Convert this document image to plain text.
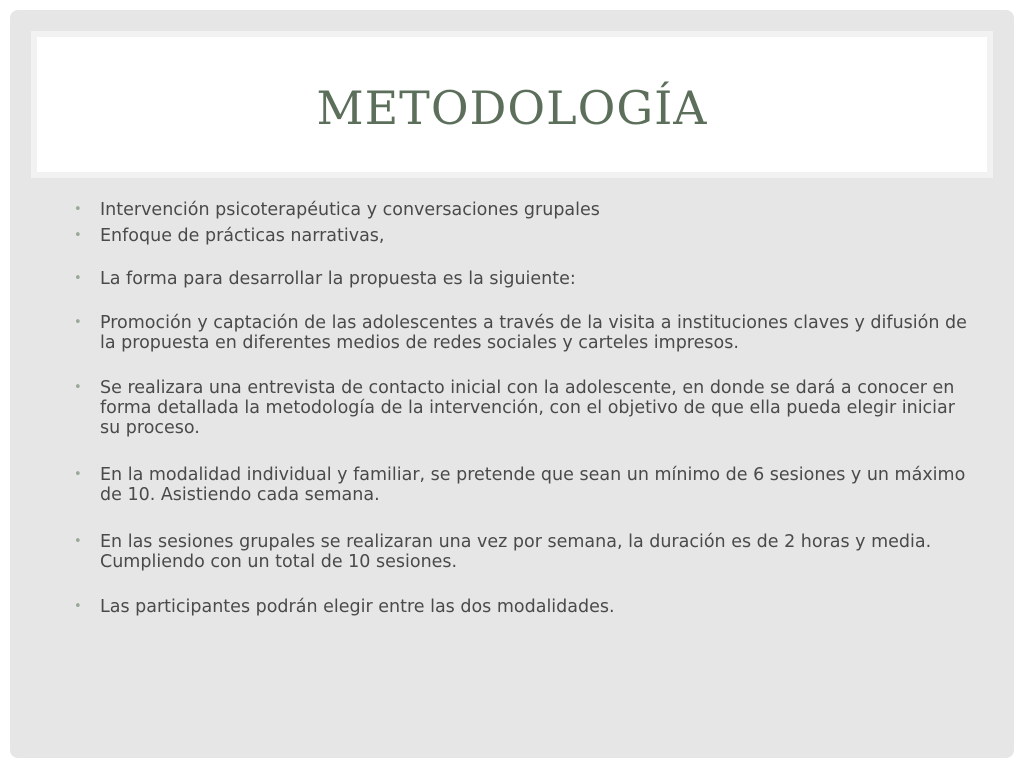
METODOLOGÍA
• Intervención psicoterapéutica y conversaciones grupales
• Enfoque de prácticas narrativas,
• La forma para desarrollar la propuesta es la siguiente:
• Promoción y captación de las adolescentes a través de la visita a instituciones claves y difusión de la propuesta en diferentes medios de redes sociales y carteles impresos.
• Se realizara una entrevista de contacto inicial con la adolescente, en donde se dará a conocer en forma detallada la metodología de la intervención, con el objetivo de que ella pueda elegir iniciar su proceso.
• En la modalidad individual y familiar, se pretende que sean un mínimo de 6 sesiones y un máximo de 10. Asistiendo cada semana.
• En las sesiones grupales se realizaran una vez por semana, la duración es de 2 horas y media. Cumpliendo con un total de 10 sesiones.
• Las participantes podrán elegir entre las dos modalidades.
